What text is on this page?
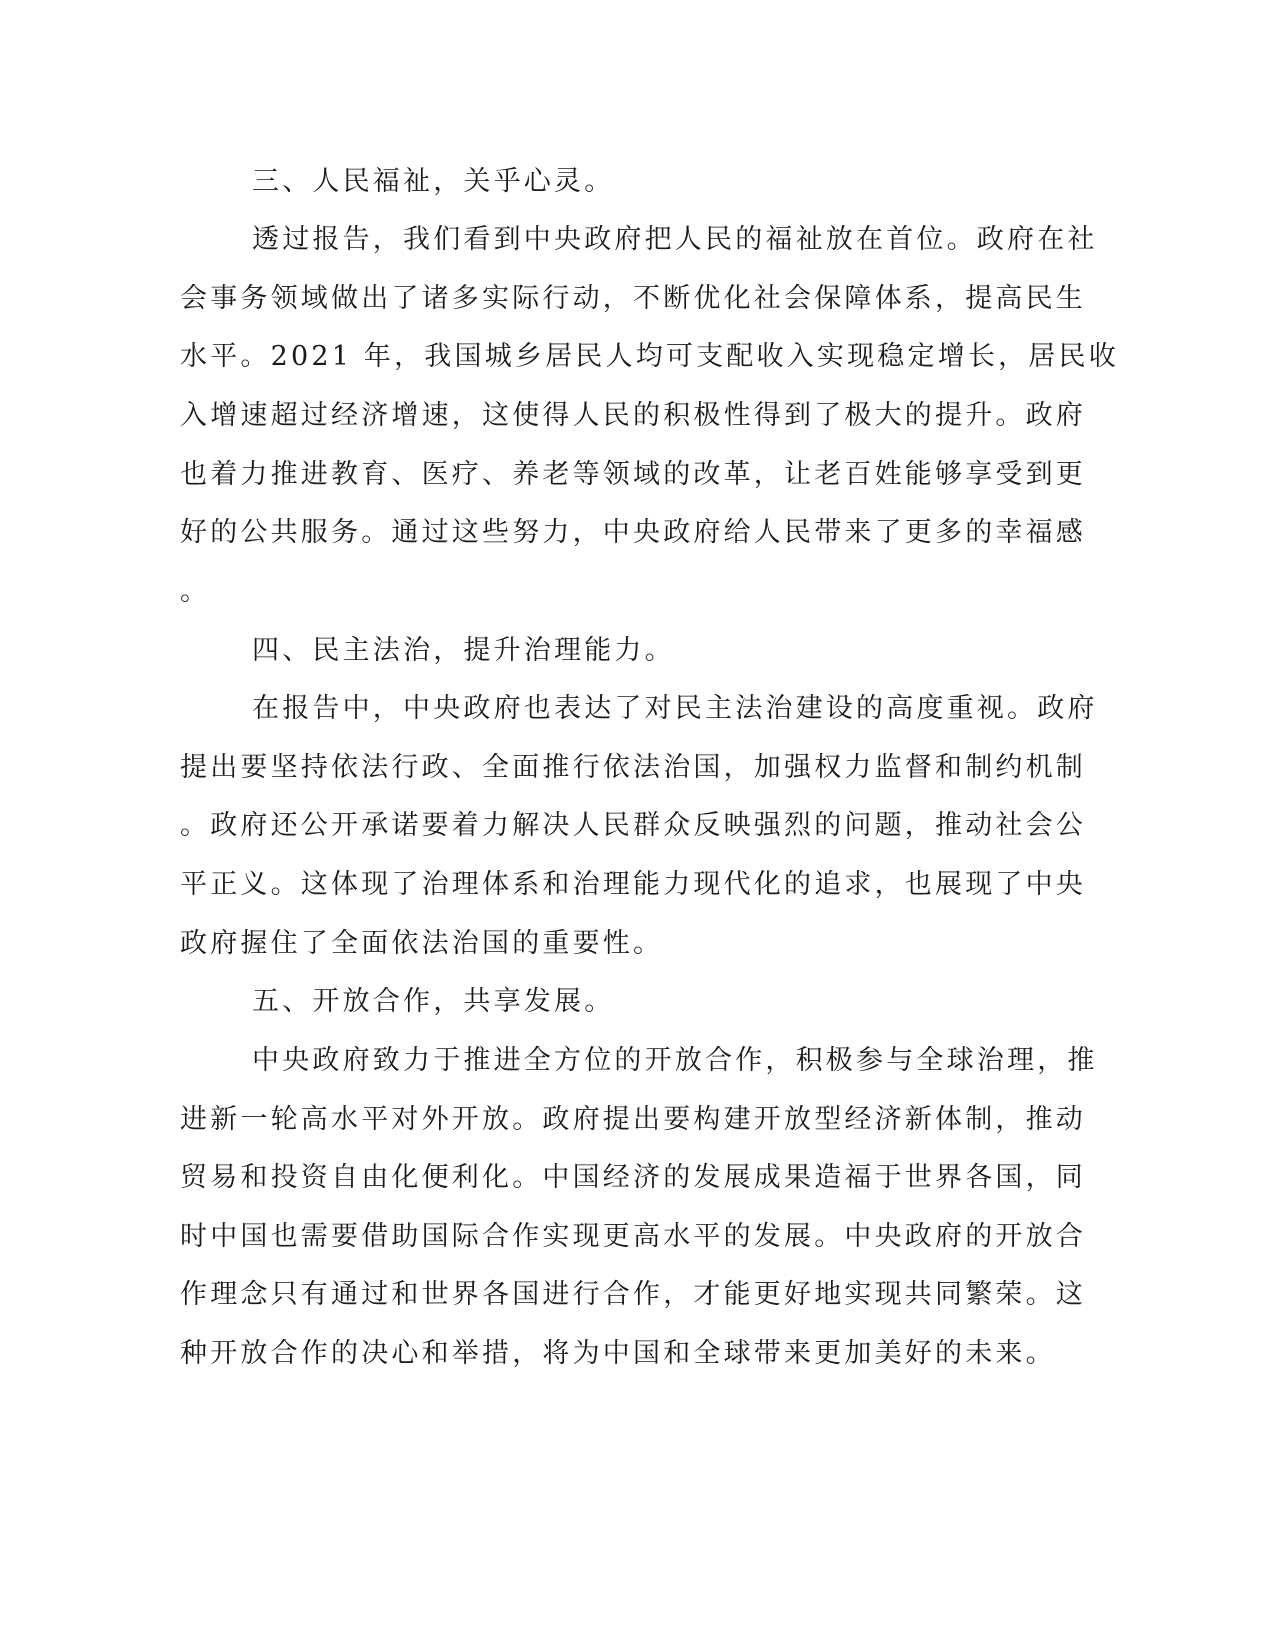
三、人民福祉，关乎心灵。

透过报告，我们看到中央政府把人民的福祉放在首位。政府在社

会事务领域做出了诸多实际行动，不断优化社会保障体系，提高民生

水平。2021 年，我国城乡居民人均可支配收入实现稳定增长，居民收

入增速超过经济增速，这使得人民的积极性得到了极大的提升。政府

也着力推进教育、医疗、养老等领域的改革，让老百姓能够享受到更

好的公共服务。通过这些努力，中央政府给人民带来了更多的幸福感

。

四、民主法治，提升治理能力。

在报告中，中央政府也表达了对民主法治建设的高度重视。政府

提出要坚持依法行政、全面推行依法治国，加强权力监督和制约机制

。政府还公开承诺要着力解决人民群众反映强烈的问题，推动社会公

平正义。这体现了治理体系和治理能力现代化的追求，也展现了中央

政府握住了全面依法治国的重要性。

五、开放合作，共享发展。

中央政府致力于推进全方位的开放合作，积极参与全球治理，推

进新一轮高水平对外开放。政府提出要构建开放型经济新体制，推动

贸易和投资自由化便利化。中国经济的发展成果造福于世界各国，同

时中国也需要借助国际合作实现更高水平的发展。中央政府的开放合

作理念只有通过和世界各国进行合作，才能更好地实现共同繁荣。这

种开放合作的决心和举措，将为中国和全球带来更加美好的未来。
